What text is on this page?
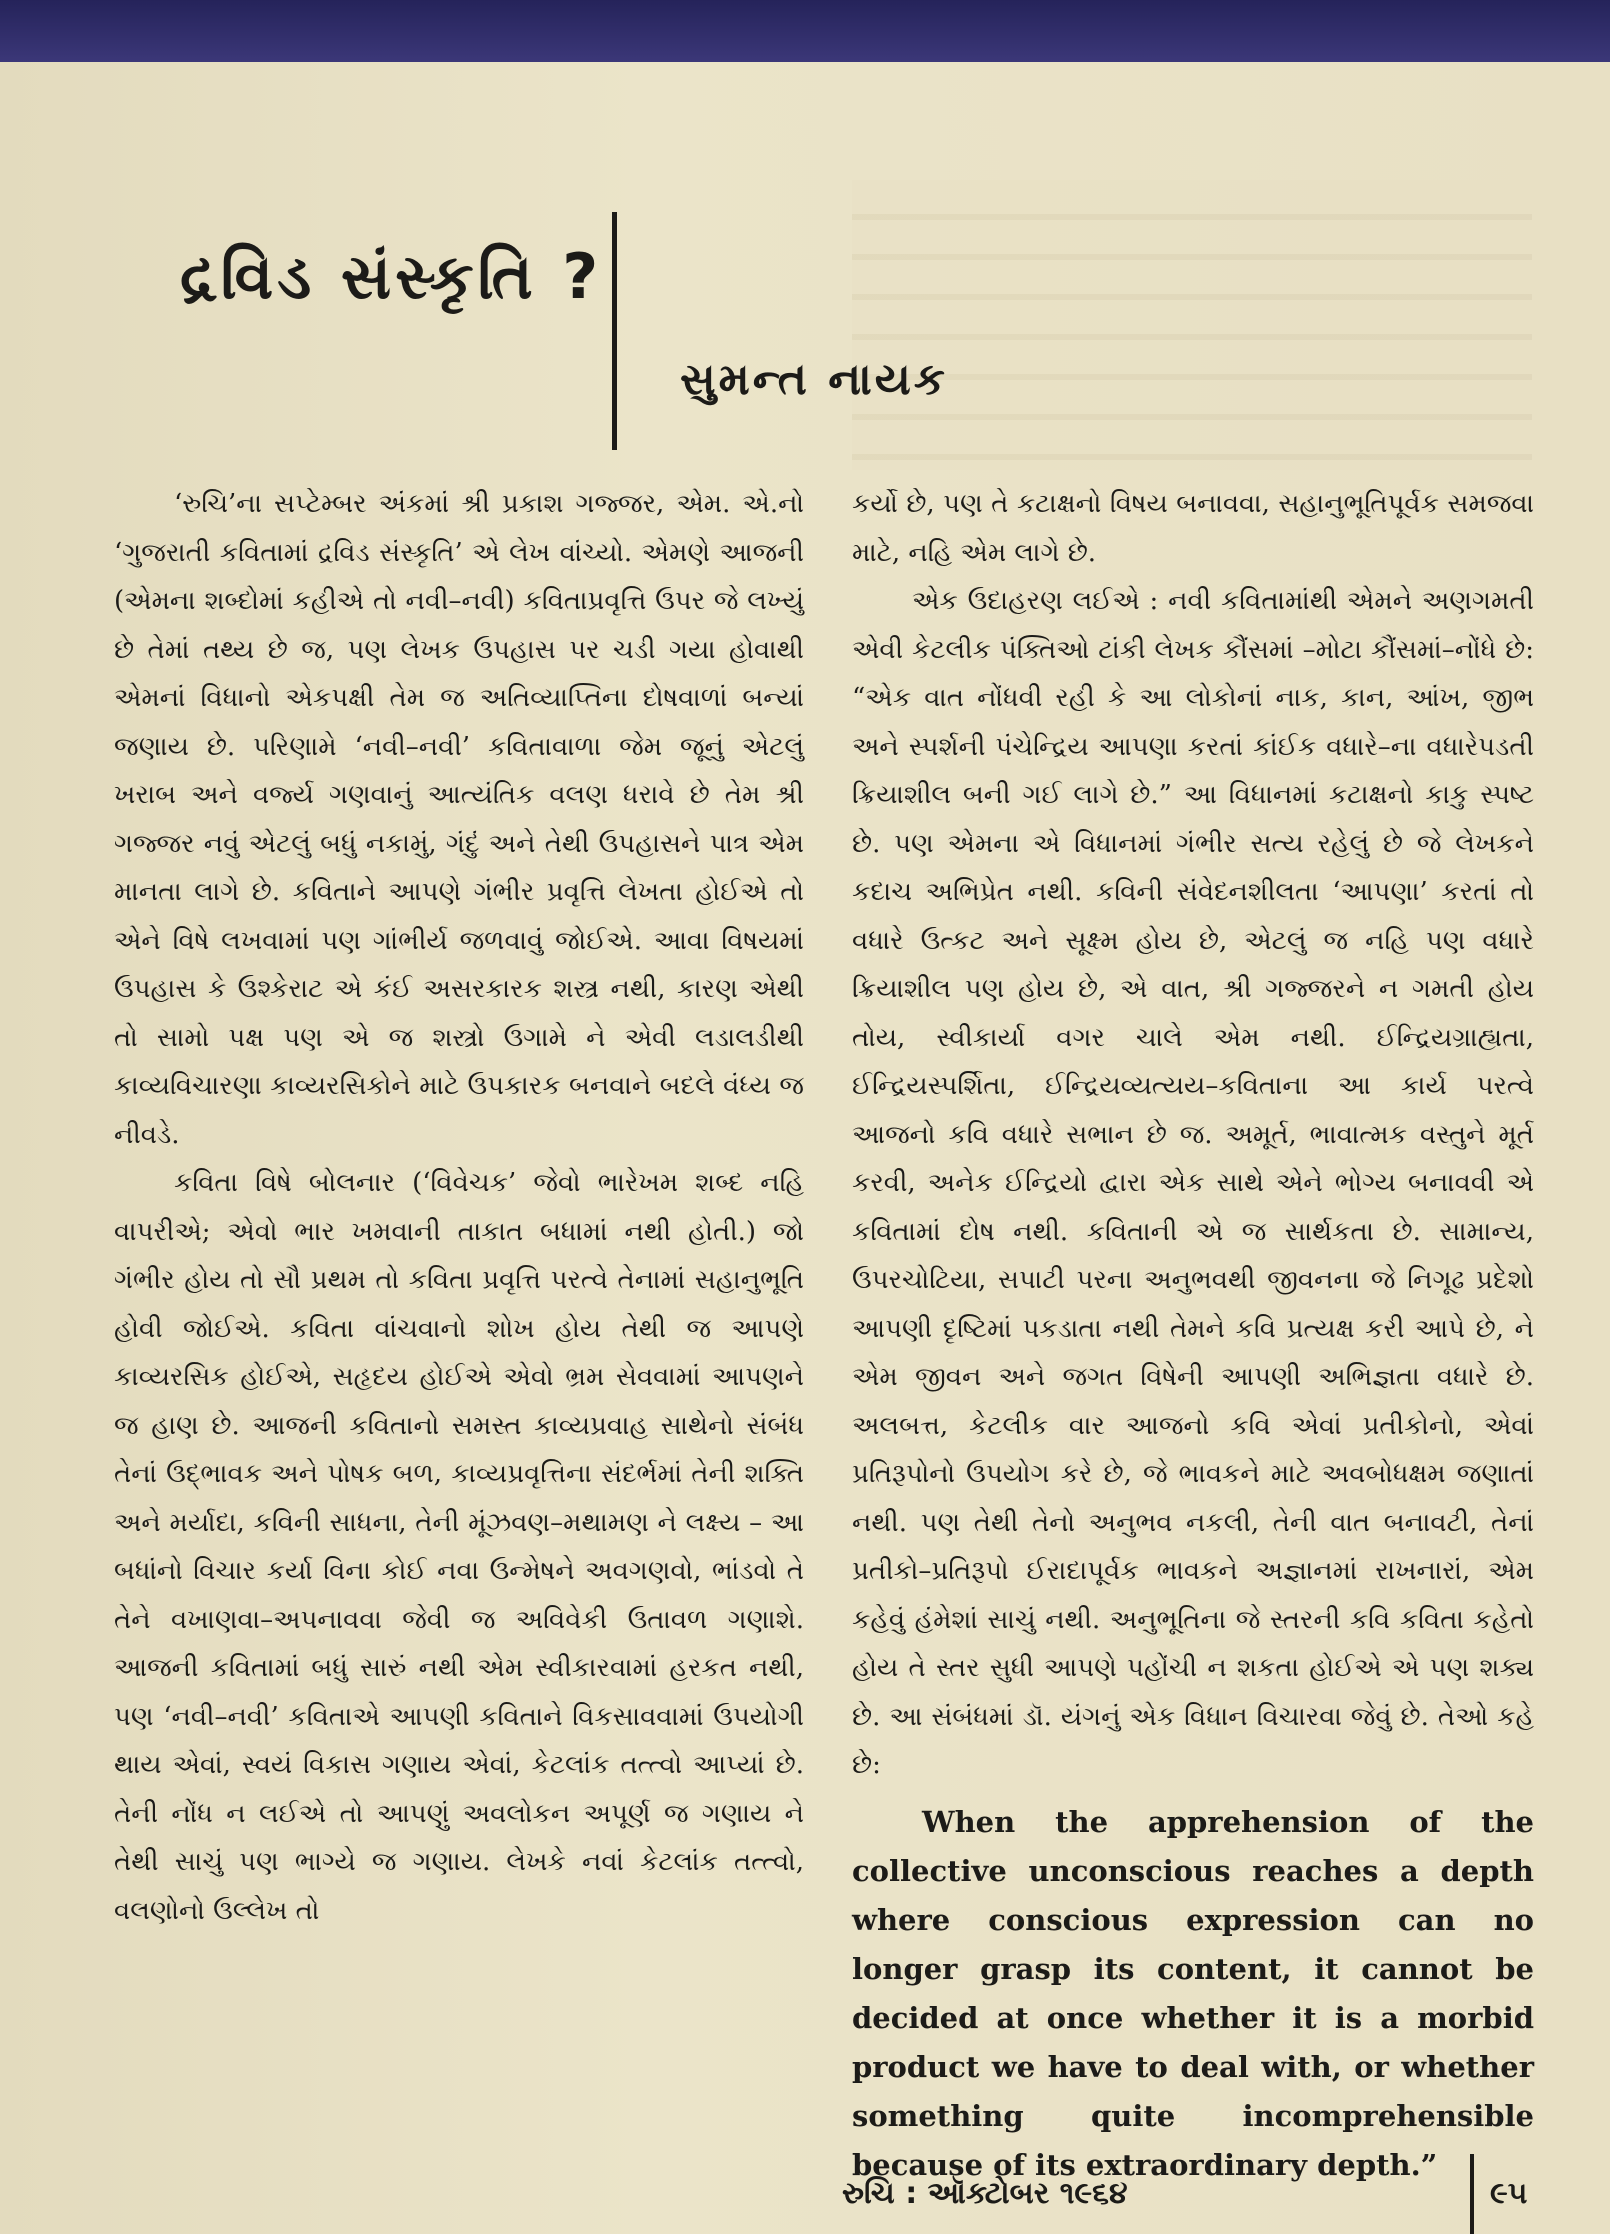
દ્રવિડ સંસ્કૃતિ ?
સુમન્ત નાયક

‘રુચિ’ના સપ્ટેમ્બર અંકમાં શ્રી પ્રકાશ ગજ્જર, એમ. એ.નો ‘ગુજરાતી કવિતામાં દ્રવિડ સંસ્કૃતિ’ એ લેખ વાંચ્યો. એમણે આજની (એમના શબ્દોમાં કહીએ તો નવી–નવી) કવિતાપ્રવૃત્તિ ઉપર જે લખ્યું છે તેમાં તથ્ય છે જ, પણ લેખક ઉપહાસ પર ચડી ગયા હોવાથી એમનાં વિધાનો એકપક્ષી તેમ જ અતિવ્યાપ્તિના દોષવાળાં બન્યાં જણાય છે. પરિણામે ‘નવી–નવી’ કવિતાવાળા જેમ જૂનું એટલું ખરાબ અને વર્જ્ય ગણવાનું આત્યંતિક વલણ ધરાવે છે તેમ શ્રી ગજ્જર નવું એટલું બધું નકામું, ગંદું અને તેથી ઉપહાસને પાત્ર એમ માનતા લાગે છે. કવિતાને આપણે ગંભીર પ્રવૃત્તિ લેખતા હોઈએ તો એને વિષે લખવામાં પણ ગાંભીર્ય જળવાવું જોઈએ. આવા વિષયમાં ઉપહાસ કે ઉશ્કેરાટ એ કંઈ અસરકારક શસ્ત્ર નથી, કારણ એથી તો સામો પક્ષ પણ એ જ શસ્ત્રો ઉગામે ને એવી લડાલડીથી કાવ્યવિચારણા કાવ્યરસિકોને માટે ઉપકારક બનવાને બદલે વંધ્ય જ નીવડે.

કવિતા વિષે બોલનાર (‘વિવેચક’ જેવો ભારેખમ શબ્દ નહિ વાપરીએ; એવો ભાર ખમવાની તાકાત બધામાં નથી હોતી.) જો ગંભીર હોય તો સૌ પ્રથમ તો કવિતા પ્રવૃત્તિ પરત્વે તેનામાં સહાનુભૂતિ હોવી જોઈએ. કવિતા વાંચવાનો શોખ હોય તેથી જ આપણે કાવ્યરસિક હોઈએ, સહૃદય હોઈએ એવો ભ્રમ સેવવામાં આપણને જ હાણ છે. આજની કવિતાનો સમસ્ત કાવ્યપ્રવાહ સાથેનો સંબંધ તેનાં ઉદ્‌ભાવક અને પોષક બળ, કાવ્યપ્રવૃત્તિના સંદર્ભમાં તેની શક્તિ અને મર્યાદા, કવિની સાધના, તેની મૂંઝવણ–મથામણ ને લક્ષ્ય – આ બધાંનો વિચાર કર્યા વિના કોઈ નવા ઉન્મેષને અવગણવો, ભાંડવો તે તેને વખાણવા–અપનાવવા જેવી જ અવિવેકી ઉતાવળ ગણાશે. આજની કવિતામાં બધું સારું નથી એમ સ્વીકારવામાં હરકત નથી, પણ ‘નવી–નવી’ કવિતાએ આપણી કવિતાને વિકસાવવામાં ઉપયોગી થાય એવાં, સ્વયં વિકાસ ગણાય એવાં, કેટલાંક તત્ત્વો આપ્યાં છે. તેની નોંધ ન લઈએ તો આપણું અવલોકન અપૂર્ણ જ ગણાય ને તેથી સાચું પણ ભાગ્યે જ ગણાય. લેખકે નવાં કેટલાંક તત્ત્વો, વલણોનો ઉલ્લેખ તો

કર્યો છે, પણ તે કટાક્ષનો વિષય બનાવવા, સહાનુભૂતિપૂર્વક સમજવા માટે, નહિ એમ લાગે છે.

એક ઉદાહરણ લઈએ : નવી કવિતામાંથી એમને અણગમતી એવી કેટલીક પંક્તિઓ ટાંકી લેખક કૌંસમાં –મોટા કૌંસમાં–નોંધે છે: “એક વાત નોંધવી રહી કે આ લોકોનાં નાક, કાન, આંખ, જીભ અને સ્પર્શની પંચેન્દ્રિય આપણા કરતાં કાંઈક વધારે–ના વધારેપડતી ક્રિયાશીલ બની ગઈ લાગે છે.” આ વિધાનમાં કટાક્ષનો કાકુ સ્પષ્ટ છે. પણ એમના એ વિધાનમાં ગંભીર સત્ય રહેલું છે જે લેખકને કદાચ અભિપ્રેત નથી. કવિની સંવેદનશીલતા ‘આપણા’ કરતાં તો વધારે ઉત્કટ અને સૂક્ષ્મ હોય છે, એટલું જ નહિ પણ વધારે ક્રિયાશીલ પણ હોય છે, એ વાત, શ્રી ગજ્જરને ન ગમતી હોય તોય, સ્વીકાર્યા વગર ચાલે એમ નથી. ઈન્દ્રિયગ્રાહ્યતા, ઈન્દ્રિયસ્પર્શિતા, ઈન્દ્રિયવ્યત્યય–કવિતાના આ કાર્ય પરત્વે આજનો કવિ વધારે સભાન છે જ. અમૂર્ત, ભાવાત્મક વસ્તુને મૂર્ત કરવી, અનેક ઈન્દ્રિયો દ્વારા એક સાથે એને ભોગ્ય બનાવવી એ કવિતામાં દોષ નથી. કવિતાની એ જ સાર્થકતા છે. સામાન્ય, ઉપરચોટિયા, સપાટી પરના અનુભવથી જીવનના જે નિગૂઢ પ્રદેશો આપણી દૃષ્ટિમાં પકડાતા નથી તેમને કવિ પ્રત્યક્ષ કરી આપે છે, ને એમ જીવન અને જગત વિષેની આપણી અભિજ્ઞતા વધારે છે. અલબત્ત, કેટલીક વાર આજનો કવિ એવાં પ્રતીકોનો, એવાં પ્રતિરૂપોનો ઉપયોગ કરે છે, જે ભાવકને માટે અવબોધક્ષમ જણાતાં નથી. પણ તેથી તેનો અનુભવ નકલી, તેની વાત બનાવટી, તેનાં પ્રતીકો–પ્રતિરૂપો ઈરાદાપૂર્વક ભાવકને અજ્ઞાનમાં રાખનારાં, એમ કહેવું હંમેશાં સાચું નથી. અનુભૂતિના જે સ્તરની કવિ કવિતા કહેતો હોય તે સ્તર સુધી આપણે પહોંચી ન શકતા હોઈએ એ પણ શક્ય છે. આ સંબંધમાં ડૉ. યંગનું એક વિધાન વિચારવા જેવું છે. તેઓ કહે છે:

When the apprehension of the collective unconscious reaches a depth where conscious expression can no longer grasp its content, it cannot be decided at once whether it is a morbid product we have to deal with, or whether something quite incomprehensible because of its extraordinary depth.”

રુચિ : ઑક્ટોબર ૧૯૬૪	૯૫
